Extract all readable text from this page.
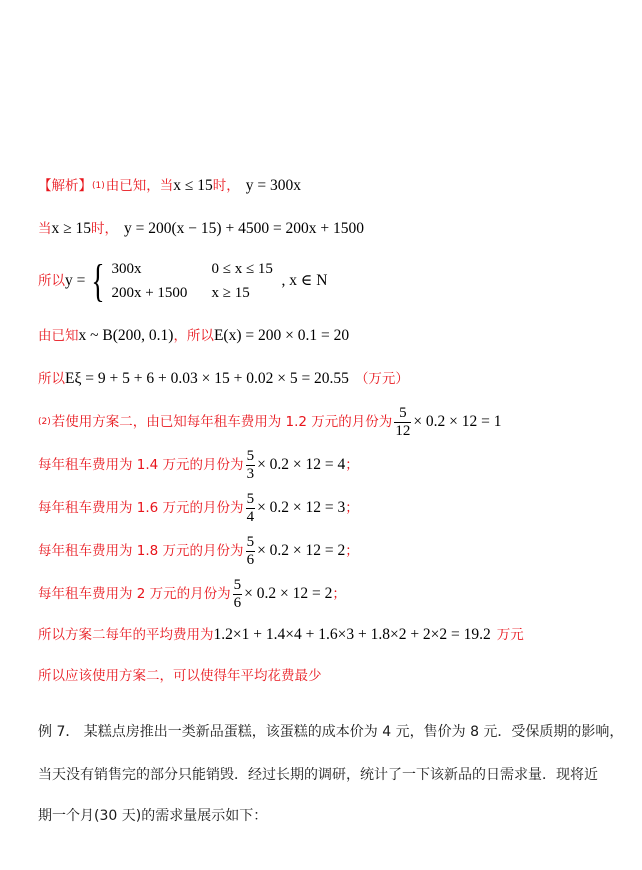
【解析】 (1) 由已知，当 x ≤ 15 时， y = 300x
当 x ≥ 15 时， y = 200(x − 15) + 4500 = 200x + 1500
所以 y = { 300x	0 ≤ x ≤ 15
200x + 1500	x ≥ 15
, x ∈ N
由已知 x ~ B(200, 0.1) ，所以 E(x) = 200 × 0.1 = 20
所以 Eξ = 9 + 5 + 6 + 0.03 × 15 + 0.02 × 5 = 20.55 （万元）
(2) 若使用方案二，由已知每年租车费用为 1.2 万元的月份为 $\frac{5}{12} \times 0.2 \times 12 = 1$
每年租车费用为 1.4 万元的月份为 $\frac{5}{3} \times 0.2 \times 12 = 4$ ；
每年租车费用为 1.6 万元的月份为 $\frac{5}{4} \times 0.2 \times 12 = 3$ ；
每年租车费用为 1.8 万元的月份为 $\frac{5}{6} \times 0.2 \times 12 = 2$ ；
每年租车费用为 2 万元的月份为 $\frac{5}{6} \times 0.2 \times 12 = 2$ ；
所以方案二每年的平均费用为 1.2×1 + 1.4×4 + 1.6×3 + 1.8×2 + 2×2 = 19.2 万元
所以应该使用方案二，可以使得年平均花费最少
例 7． 某糕点房推出一类新品蛋糕，该蛋糕的成本价为 4 元，售价为 8 元．受保质期的影响，
当天没有销售完的部分只能销毁．经过长期的调研，统计了一下该新品的日需求量．现将近
期一个月(30 天)的需求量展示如下：
